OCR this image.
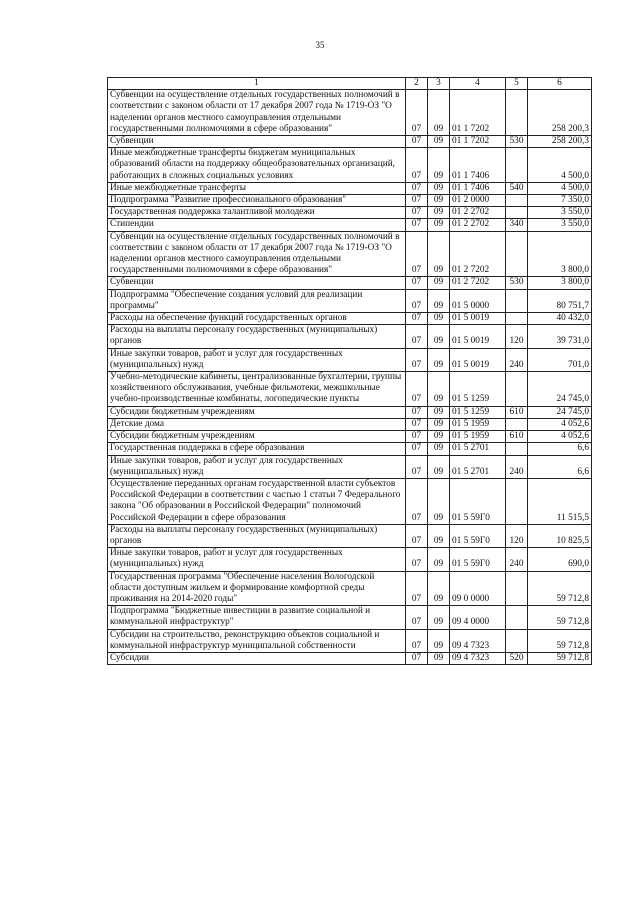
35
1	2	3	4	5	6
Субвенции на осуществление отдельных государственных полномочий в соответствии с законом области от 17 декабря 2007 года № 1719-ОЗ "О наделении органов местного самоуправления отдельными государственными полномочиями в сфере образования"	07	09	01 1 7202		258 200,3
Субвенции	07	09	01 1 7202	530	258 200,3
Иные межбюджетные трансферты бюджетам муниципальных образований области на поддержку общеобразовательных организаций, работающих в сложных социальных условиях	07	09	01 1 7406		4 500,0
Иные межбюджетные трансферты	07	09	01 1 7406	540	4 500,0
Подпрограмма "Развитие профессионального образования"	07	09	01 2 0000		7 350,0
Государственная поддержка талантливой молодежи	07	09	01 2 2702		3 550,0
Стипендии	07	09	01 2 2702	340	3 550,0
Субвенции на осуществление отдельных государственных полномочий в соответствии с законом области от 17 декабря 2007 года № 1719-ОЗ "О наделении органов местного самоуправления отдельными государственными полномочиями в сфере образования"	07	09	01 2 7202		3 800,0
Субвенции	07	09	01 2 7202	530	3 800,0
Подпрограмма "Обеспечение создания условий для реализации программы"	07	09	01 5 0000		80 751,7
Расходы на обеспечение функций государственных органов	07	09	01 5 0019		40 432,0
Расходы на выплаты персоналу государственных (муниципальных) органов	07	09	01 5 0019	120	39 731,0
Иные закупки товаров, работ и услуг для государственных (муниципальных) нужд	07	09	01 5 0019	240	701,0
Учебно-методические кабинеты, централизованные бухгалтерии, группы хозяйственного обслуживания, учебные фильмотеки, межшкольные учебно-производственные комбинаты, логопедические пункты	07	09	01 5 1259		24 745,0
Субсидии бюджетным учреждениям	07	09	01 5 1259	610	24 745,0
Детские дома	07	09	01 5 1959		4 052,6
Субсидии бюджетным учреждениям	07	09	01 5 1959	610	4 052,6
Государственная поддержка в сфере образования	07	09	01 5 2701		6,6
Иные закупки товаров, работ и услуг для государственных (муниципальных) нужд	07	09	01 5 2701	240	6,6
Осуществление переданных органам государственной власти субъектов Российской Федерации в соответствии с частью 1 статьи 7 Федерального закона "Об образовании в Российской Федерации" полномочий Российской Федерации в сфере образования	07	09	01 5 59Г0		11 515,5
Расходы на выплаты персоналу государственных (муниципальных) органов	07	09	01 5 59Г0	120	10 825,5
Иные закупки товаров, работ и услуг для государственных (муниципальных) нужд	07	09	01 5 59Г0	240	690,0
Государственная программа "Обеспечение населения Вологодской области доступным жильем и формирование комфортной среды проживания на 2014-2020 годы"	07	09	09 0 0000		59 712,8
Подпрограмма "Бюджетные инвестиции в развитие социальной и коммунальной инфраструктур"	07	09	09 4 0000		59 712,8
Субсидии на строительство, реконструкцию объектов социальной и коммунальной инфраструктур муниципальной собственности	07	09	09 4 7323		59 712,8
Субсидии	07	09	09 4 7323	520	59 712,8
